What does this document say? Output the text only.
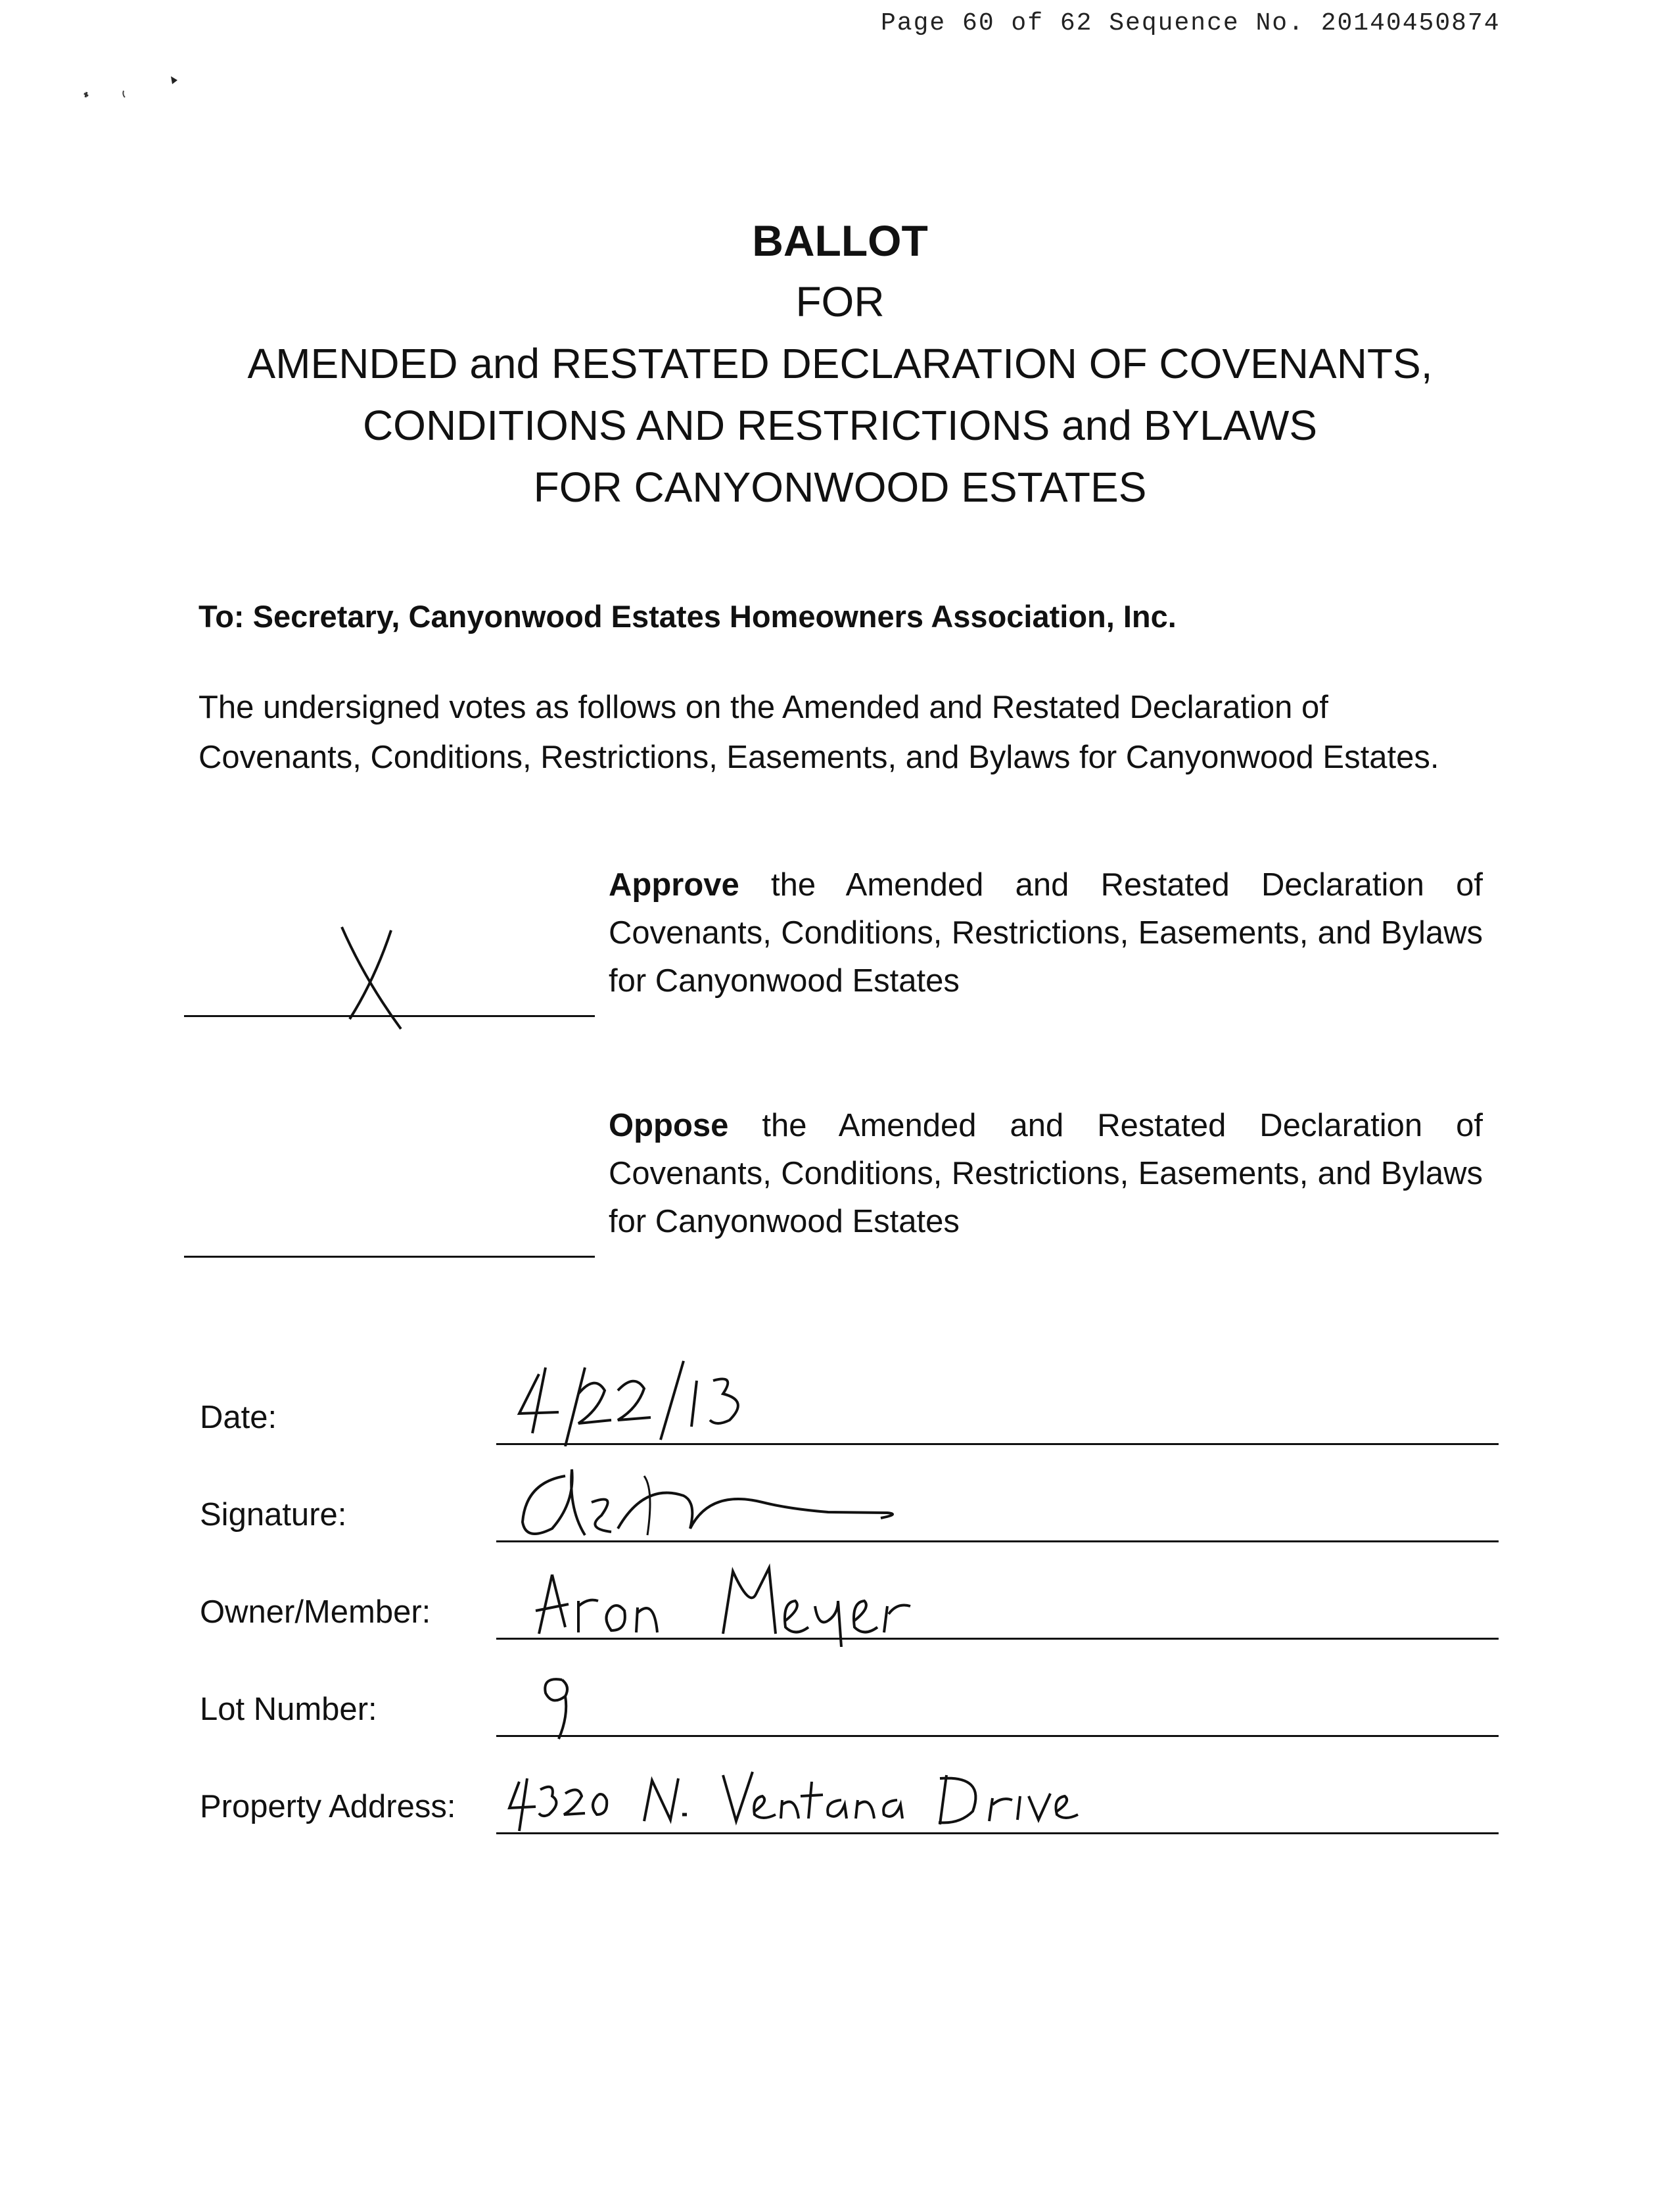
Page 60 of 62 Sequence No. 20140450874
BALLOT
FOR
AMENDED and RESTATED DECLARATION OF COVENANTS,
CONDITIONS AND RESTRICTIONS and BYLAWS
FOR CANYONWOOD ESTATES
To: Secretary, Canyonwood Estates Homeowners Association, Inc.
The undersigned votes as follows on the Amended and Restated Declaration of Covenants, Conditions, Restrictions, Easements, and Bylaws for Canyonwood Estates.
Approve the Amended and Restated Declaration of Covenants, Conditions, Restrictions, Easements, and Bylaws for Canyonwood Estates
Oppose the Amended and Restated Declaration of Covenants, Conditions, Restrictions, Easements, and Bylaws for Canyonwood Estates
Date:
Signature:
Owner/Member:
Lot Number:
Property Address:
